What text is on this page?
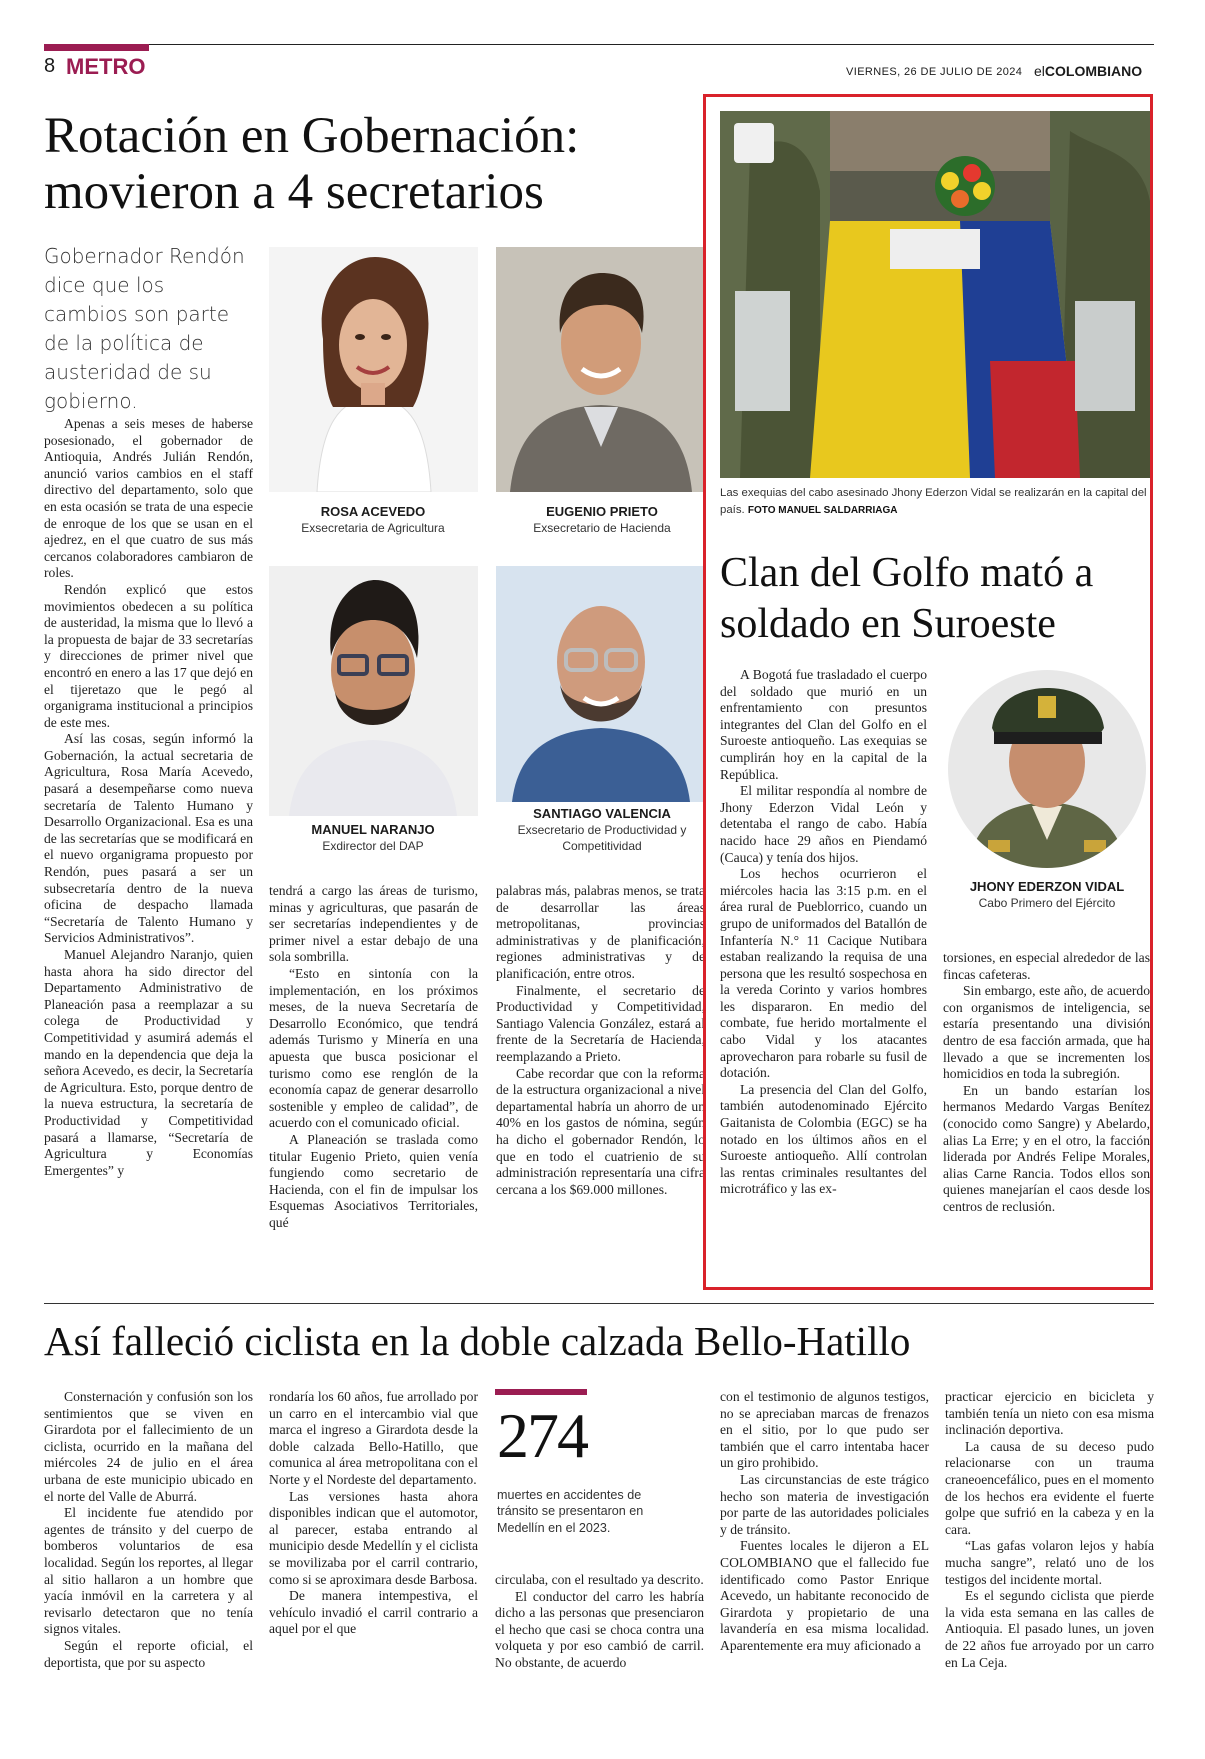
8 METRO	VIERNES, 26 DE JULIO DE 2024 elCOLOMBIANO
Rotación en Gobernación: movieron a 4 secretarios
Gobernador Rendón dice que los cambios son parte de la política de austeridad de su gobierno.
ROSA ACEVEDO
Exsecretaria de Agricultura
EUGENIO PRIETO
Exsecretario de Hacienda
MANUEL NARANJO
Exdirector del DAP
SANTIAGO VALENCIA
Exsecretario de Productividad y Competitividad

Apenas a seis meses de haberse posesionado, el gobernador de Antioquia, Andrés Julián Rendón, anunció varios cambios en el staff directivo del departamento, solo que en esta ocasión se trata de una especie de enroque de los que se usan en el ajedrez, en el que cuatro de sus más cercanos colaboradores cambiaron de roles.

Rendón explicó que estos movimientos obedecen a su política de austeridad, la misma que lo llevó a la propuesta de bajar de 33 secretarías y direcciones de primer nivel que encontró en enero a las 17 que dejó en el tijeretazo que le pegó al organigrama institucional a principios de este mes.

Así las cosas, según informó la Gobernación, la actual secretaria de Agricultura, Rosa María Acevedo, pasará a desempeñarse como nueva secretaría de Talento Humano y Desarrollo Organizacional. Esa es una de las secretarías que se modificará en el nuevo organigrama propuesto por Rendón, pues pasará a ser un subsecretaría dentro de la nueva oficina de despacho llamada “Secretaría de Talento Humano y Servicios Administrativos”.

Manuel Alejandro Naranjo, quien hasta ahora ha sido director del Departamento Administrativo de Planeación pasa a reemplazar a su colega de Productividad y Competitividad y asumirá además el mando en la dependencia que deja la señora Acevedo, es decir, la Secretaría de Agricultura. Esto, porque dentro de la nueva estructura, la secretaría de Productividad y Competitividad pasará a llamarse, “Secretaría de Agricultura y Economías Emergentes” y

tendrá a cargo las áreas de turismo, minas y agriculturas, que pasarán de ser secretarías independientes y de primer nivel a estar debajo de una sola sombrilla.

“Esto en sintonía con la implementación, en los próximos meses, de la nueva Secretaría de Desarrollo Económico, que tendrá además Turismo y Minería en una apuesta que busca posicionar el turismo como ese renglón de la economía capaz de generar desarrollo sostenible y empleo de calidad”, de acuerdo con el comunicado oficial.

A Planeación se traslada como titular Eugenio Prieto, quien venía fungiendo como secretario de Hacienda, con el fin de impulsar los Esquemas Asociativos Territoriales, qué

palabras más, palabras menos, se trata de desarrollar las áreas metropolitanas, provincias administrativas y de planificación, regiones administrativas y de planificación, entre otros.

Finalmente, el secretario de Productividad y Competitividad, Santiago Valencia González, estará al frente de la Secretaría de Hacienda, reemplazando a Prieto.

Cabe recordar que con la reforma de la estructura organizacional a nivel departamental habría un ahorro de un 40% en los gastos de nómina, según ha dicho el gobernador Rendón, lo que en todo el cuatrienio de su administración representaría una cifra cercana a los $69.000 millones.

Las exequias del cabo asesinado Jhony Ederzon Vidal se realizarán en la capital del país. FOTO MANUEL SALDARRIAGA
Clan del Golfo mató a soldado en Suroeste
JHONY EDERZON VIDAL
Cabo Primero del Ejército

A Bogotá fue trasladado el cuerpo del soldado que murió en un enfrentamiento con presuntos integrantes del Clan del Golfo en el Suroeste antioqueño. Las exequias se cumplirán hoy en la capital de la República.

El militar respondía al nombre de Jhony Ederzon Vidal León y detentaba el rango de cabo. Había nacido hace 29 años en Piendamó (Cauca) y tenía dos hijos.

Los hechos ocurrieron el miércoles hacia las 3:15 p.m. en el área rural de Pueblorrico, cuando un grupo de uniformados del Batallón de Infantería N.° 11 Cacique Nutibara estaban realizando la requisa de una persona que les resultó sospechosa en la vereda Corinto y varios hombres les dispararon. En medio del combate, fue herido mortalmente el cabo Vidal y los atacantes aprovecharon para robarle su fusil de dotación.

La presencia del Clan del Golfo, también autodenominado Ejército Gaitanista de Colombia (EGC) se ha notado en los últimos años en el Suroeste antioqueño. Allí controlan las rentas criminales resultantes del microtráfico y las ex-

torsiones, en especial alrededor de las fincas cafeteras.

Sin embargo, este año, de acuerdo con organismos de inteligencia, se estaría presentando una división dentro de esa facción armada, que ha llevado a que se incrementen los homicidios en toda la subregión.

En un bando estarían los hermanos Medardo Vargas Benítez (conocido como Sangre) y Abelardo, alias La Erre; y en el otro, la facción liderada por Andrés Felipe Morales, alias Carne Rancia. Todos ellos son quienes manejarían el caos desde los centros de reclusión.

Así falleció ciclista en la doble calzada Bello-Hatillo

Consternación y confusión son los sentimientos que se viven en Girardota por el fallecimiento de un ciclista, ocurrido en la mañana del miércoles 24 de julio en el área urbana de este municipio ubicado en el norte del Valle de Aburrá.

El incidente fue atendido por agentes de tránsito y del cuerpo de bomberos voluntarios de esa localidad. Según los reportes, al llegar al sitio hallaron a un hombre que yacía inmóvil en la carretera y al revisarlo detectaron que no tenía signos vitales.

Según el reporte oficial, el deportista, que por su aspecto

rondaría los 60 años, fue arrollado por un carro en el intercambio vial que marca el ingreso a Girardota desde la doble calzada Bello-Hatillo, que comunica al área metropolitana con el Norte y el Nordeste del departamento.

Las versiones hasta ahora disponibles indican que el automotor, al parecer, estaba entrando al municipio desde Medellín y el ciclista se movilizaba por el carril contrario, como si se aproximara desde Barbosa.

De manera intempestiva, el vehículo invadió el carril contrario a aquel por el que

274
muertes en accidentes de tránsito se presentaron en Medellín en el 2023.

circulaba, con el resultado ya descrito.

El conductor del carro les habría dicho a las personas que presenciaron el hecho que casi se choca contra una volqueta y por eso cambió de carril. No obstante, de acuerdo

con el testimonio de algunos testigos, no se apreciaban marcas de frenazos en el sitio, por lo que pudo ser también que el carro intentaba hacer un giro prohibido.

Las circunstancias de este trágico hecho son materia de investigación por parte de las autoridades policiales y de tránsito.

Fuentes locales le dijeron a EL COLOMBIANO que el fallecido fue identificado como Pastor Enrique Acevedo, un habitante reconocido de Girardota y propietario de una lavandería en esa misma localidad. Aparentemente era muy aficionado a

practicar ejercicio en bicicleta y también tenía un nieto con esa misma inclinación deportiva.

La causa de su deceso pudo relacionarse con un trauma craneoencefálico, pues en el momento de los hechos era evidente el fuerte golpe que sufrió en la cabeza y en la cara.

“Las gafas volaron lejos y había mucha sangre”, relató uno de los testigos del incidente mortal.

Es el segundo ciclista que pierde la vida esta semana en las calles de Antioquia. El pasado lunes, un joven de 22 años fue arroyado por un carro en La Ceja.
